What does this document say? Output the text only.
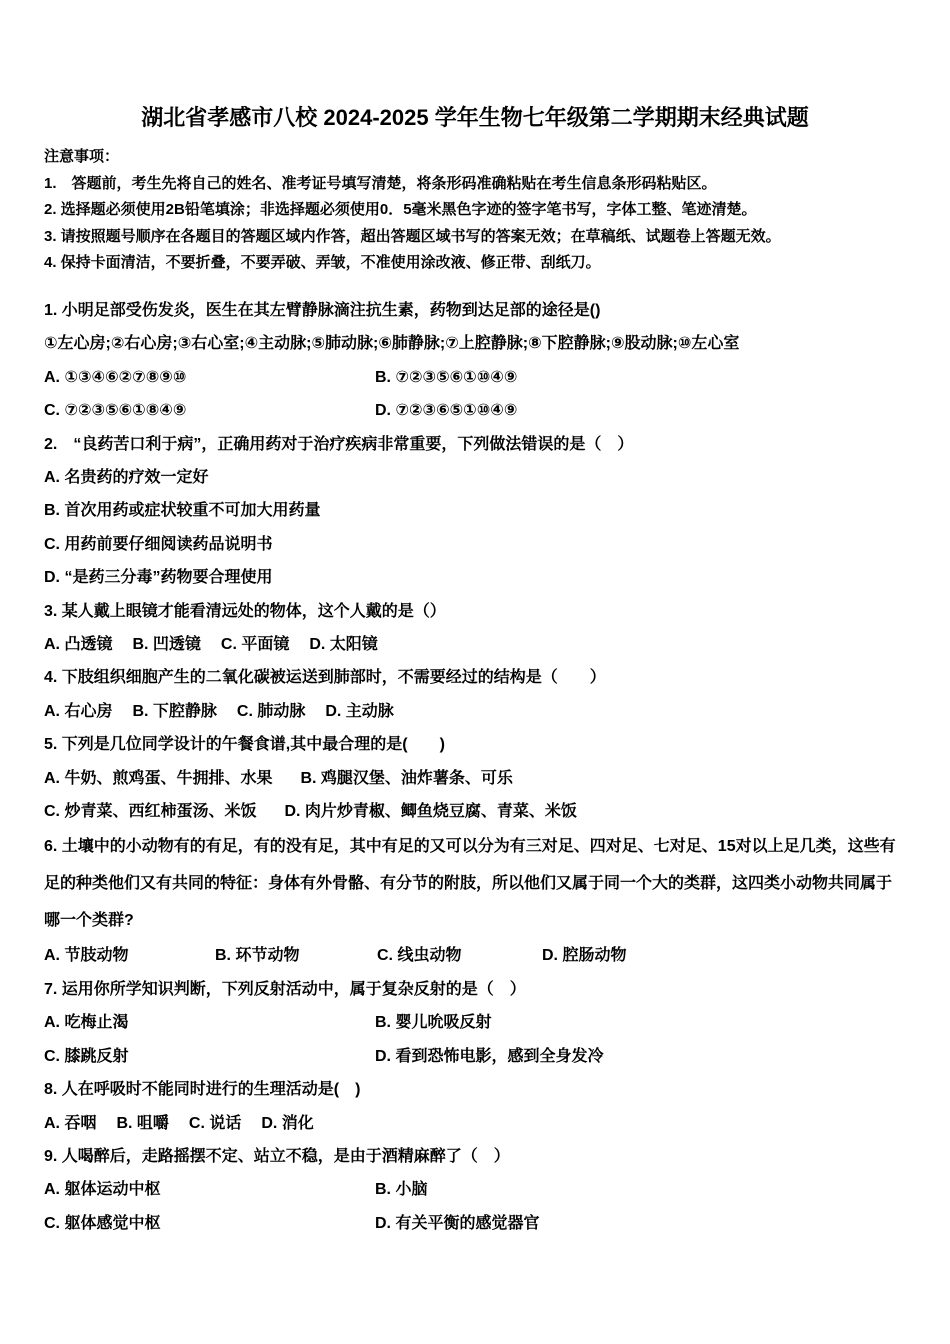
湖北省孝感市八校 2024-2025 学年生物七年级第二学期期末经典试题

注意事项：

1.　答题前，考生先将自己的姓名、准考证号填写清楚，将条形码准确粘贴在考生信息条形码粘贴区。

2. 选择题必须使用2B铅笔填涂；非选择题必须使用0．5毫米黑色字迹的签字笔书写，字体工整、笔迹清楚。

3. 请按照题号顺序在各题目的答题区域内作答，超出答题区域书写的答案无效；在草稿纸、试题卷上答题无效。

4. 保持卡面清洁，不要折叠，不要弄破、弄皱，不准使用涂改液、修正带、刮纸刀。

1. 小明足部受伤发炎，医生在其左臂静脉滴注抗生素，药物到达足部的途径是()

①左心房;②右心房;③右心室;④主动脉;⑤肺动脉;⑥肺静脉;⑦上腔静脉;⑧下腔静脉;⑨股动脉;⑩左心室

A. ①③④⑥②⑦⑧⑨⑩	B. ⑦②③⑤⑥①⑩④⑨
C. ⑦②③⑤⑥①⑧④⑨	D. ⑦②③⑥⑤①⑩④⑨

2.　“良药苦口利于病”，正确用药对于治疗疾病非常重要，下列做法错误的是（　）

A. 名贵药的疗效一定好

B. 首次用药或症状较重不可加大用药量

C. 用药前要仔细阅读药品说明书

D. “是药三分毒”药物要合理使用

3. 某人戴上眼镜才能看清远处的物体，这个人戴的是（）

A. 凸透镜 B. 凹透镜 C. 平面镜 D. 太阳镜

4. 下肢组织细胞产生的二氧化碳被运送到肺部时，不需要经过的结构是（　　）

A. 右心房 B. 下腔静脉 C. 肺动脉 D. 主动脉

5. 下列是几位同学设计的午餐食谱,其中最合理的是(　　)

A. 牛奶、煎鸡蛋、牛拥排、水果 B. 鸡腿汉堡、油炸薯条、可乐
C. 炒青菜、西红柿蛋汤、米饭 D. 肉片炒青椒、鲫鱼烧豆腐、青菜、米饭

6. 土壤中的小动物有的有足，有的没有足，其中有足的又可以分为有三对足、四对足、七对足、15对以上足几类，这些有足的种类他们又有共同的特征：身体有外骨骼、有分节的附肢，所以他们又属于同一个大的类群，这四类小动物共同属于哪一个类群?

A. 节肢动物	B. 环节动物	C. 线虫动物	D. 腔肠动物

7. 运用你所学知识判断，下列反射活动中，属于复杂反射的是（　）

A. 吃梅止渴	B. 婴儿吮吸反射
C. 膝跳反射	D. 看到恐怖电影，感到全身发冷

8. 人在呼吸时不能同时进行的生理活动是(　)

A. 吞咽 B. 咀嚼 C. 说话 D. 消化

9. 人喝醉后，走路摇摆不定、站立不稳，是由于酒精麻醉了（　）

A. 躯体运动中枢	B. 小脑
C. 躯体感觉中枢	D. 有关平衡的感觉器官
